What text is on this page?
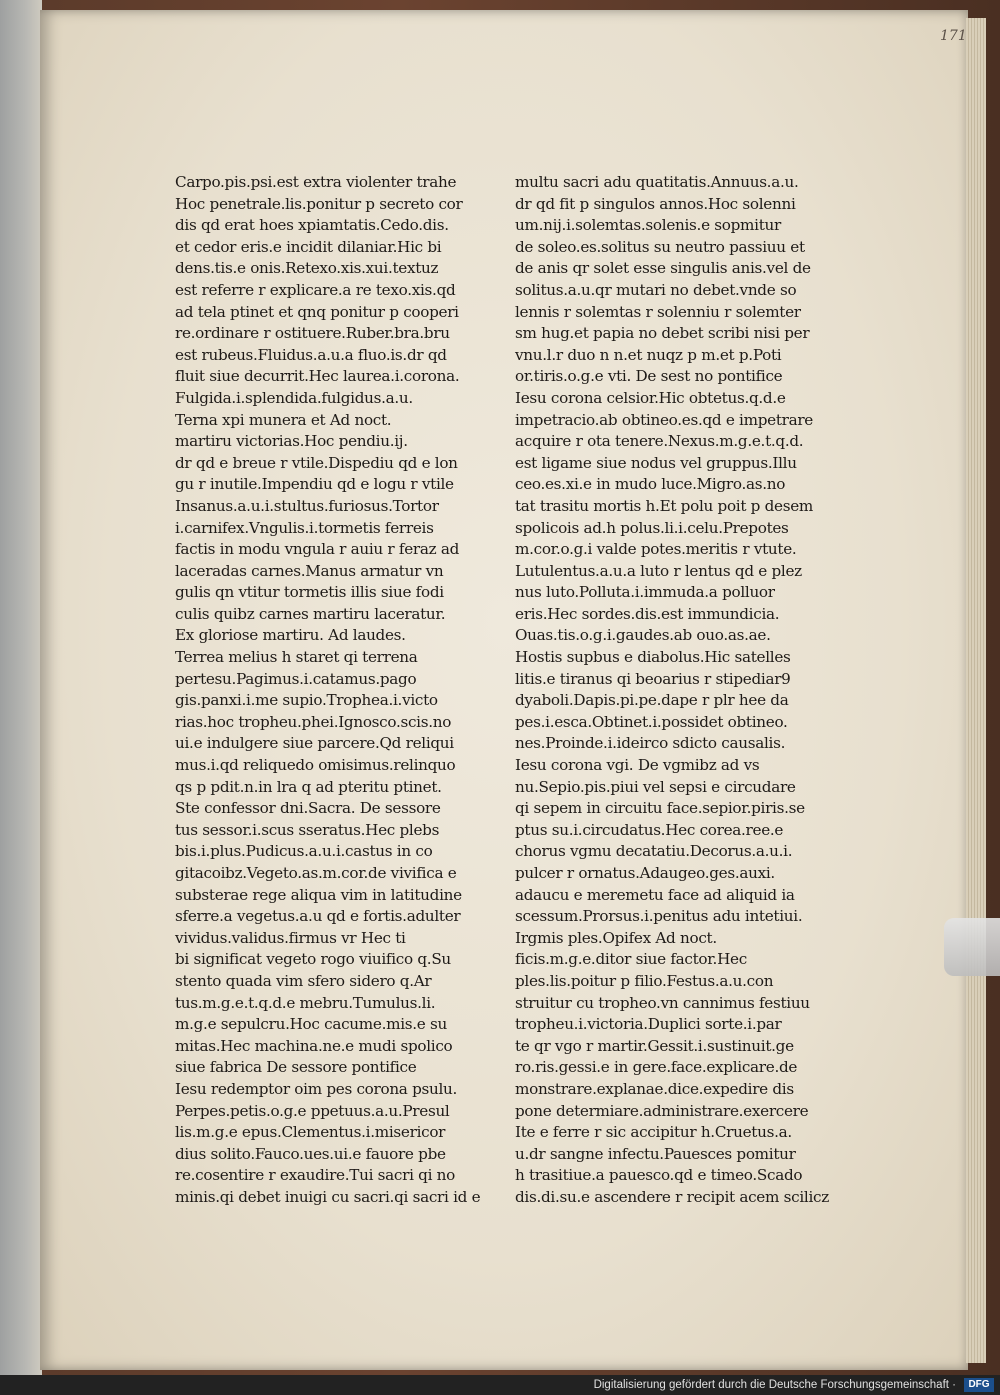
171
Carpo.pis.psi.est extra violenter trahe
Hoc penetrale.lis.ponitur p secreto cor
dis qd erat hoes xpiamtatis.Cedo.dis.
et cedor eris.e incidit dilaniar.Hic bi
dens.tis.e onis.Retexo.xis.xui.textuz
est referre r explicare.a re texo.xis.qd
ad tela ptinet et qnq ponitur p cooperi
re.ordinare r ostituere.Ruber.bra.bru
est rubeus.Fluidus.a.u.a fluo.is.dr qd
fluit siue decurrit.Hec laurea.i.corona.
Fulgida.i.splendida.fulgidus.a.u.
Terna xpi munera et Ad noct.
martiru victorias.Hoc pendiu.ij.
dr qd e breue r vtile.Dispediu qd e lon
gu r inutile.Impendiu qd e logu r vtile
Insanus.a.u.i.stultus.furiosus.Tortor
i.carnifex.Vngulis.i.tormetis ferreis
factis in modu vngula r auiu r feraz ad
laceradas carnes.Manus armatur vn
gulis qn vtitur tormetis illis siue fodi
culis quibz carnes martiru laceratur.
Ex gloriose martiru. Ad laudes.
Terrea melius h staret qi terrena
pertesu.Pagimus.i.catamus.pago
gis.panxi.i.me supio.Trophea.i.victo
rias.hoc tropheu.phei.Ignosco.scis.no
ui.e indulgere siue parcere.Qd reliqui
mus.i.qd reliquedo omisimus.relinquo
qs p pdit.n.in lra q ad pteritu ptinet.
Ste confessor dni.Sacra. De sessore
tus sessor.i.scus sseratus.Hec plebs
bis.i.plus.Pudicus.a.u.i.castus in co
gitacoibz.Vegeto.as.m.cor.de vivifica e
substerae rege aliqua vim in latitudine
sferre.a vegetus.a.u qd e fortis.adulter
vividus.validus.firmus vr Hec ti
bi significat vegeto rogo viuifico q.Su
stento quada vim sfero sidero q.Ar
tus.m.g.e.t.q.d.e mebru.Tumulus.li.
m.g.e sepulcru.Hoc cacume.mis.e su
mitas.Hec machina.ne.e mudi spolico
siue fabrica De sessore pontifice
Iesu redemptor oim pes corona psulu.
Perpes.petis.o.g.e ppetuus.a.u.Presul
lis.m.g.e epus.Clementus.i.misericor
dius solito.Fauco.ues.ui.e fauore pbe
re.cosentire r exaudire.Tui sacri qi no
minis.qi debet inuigi cu sacri.qi sacri id e
multu sacri adu quatitatis.Annuus.a.u.
dr qd fit p singulos annos.Hoc solenni
um.nij.i.solemtas.solenis.e sopmitur
de soleo.es.solitus su neutro passiuu et
de anis qr solet esse singulis anis.vel de
solitus.a.u.qr mutari no debet.vnde so
lennis r solemtas r solenniu r solemter
sm hug.et papia no debet scribi nisi per
vnu.l.r duo n n.et nuqz p m.et p.Poti
or.tiris.o.g.e vti. De sest no pontifice
Iesu corona celsior.Hic obtetus.q.d.e
impetracio.ab obtineo.es.qd e impetrare
acquire r ota tenere.Nexus.m.g.e.t.q.d.
est ligame siue nodus vel gruppus.Illu
ceo.es.xi.e in mudo luce.Migro.as.no
tat trasitu mortis h.Et polu poit p desem
spolicois ad.h polus.li.i.celu.Prepotes
m.cor.o.g.i valde potes.meritis r vtute.
Lutulentus.a.u.a luto r lentus qd e plez
nus luto.Polluta.i.immuda.a polluor
eris.Hec sordes.dis.est immundicia.
Ouas.tis.o.g.i.gaudes.ab ouo.as.ae.
Hostis supbus e diabolus.Hic satelles
litis.e tiranus qi beoarius r stipediar9
dyaboli.Dapis.pi.pe.dape r plr hee da
pes.i.esca.Obtinet.i.possidet obtineo.
nes.Proinde.i.ideirco sdicto causalis.
Iesu corona vgi. De vgmibz ad vs
nu.Sepio.pis.piui vel sepsi e circudare
qi sepem in circuitu face.sepior.piris.se
ptus su.i.circudatus.Hec corea.ree.e
chorus vgmu decatatiu.Decorus.a.u.i.
pulcer r ornatus.Adaugeo.ges.auxi.
adaucu e meremetu face ad aliquid ia
scessum.Prorsus.i.penitus adu intetiui.
Irgmis ples.Opifex Ad noct.
ficis.m.g.e.ditor siue factor.Hec
ples.lis.poitur p filio.Festus.a.u.con
struitur cu tropheo.vn cannimus festiuu
tropheu.i.victoria.Duplici sorte.i.par
te qr vgo r martir.Gessit.i.sustinuit.ge
ro.ris.gessi.e in gere.face.explicare.de
monstrare.explanae.dice.expedire dis
pone determiare.administrare.exercere
Ite e ferre r sic accipitur h.Cruetus.a.
u.dr sangne infectu.Pauesces pomitur
h trasitiue.a pauesco.qd e timeo.Scado
dis.di.su.e ascendere r recipit acem scilicz
Digitalisierung gefördert durch die Deutsche Forschungsgemeinschaft ·	DFG
